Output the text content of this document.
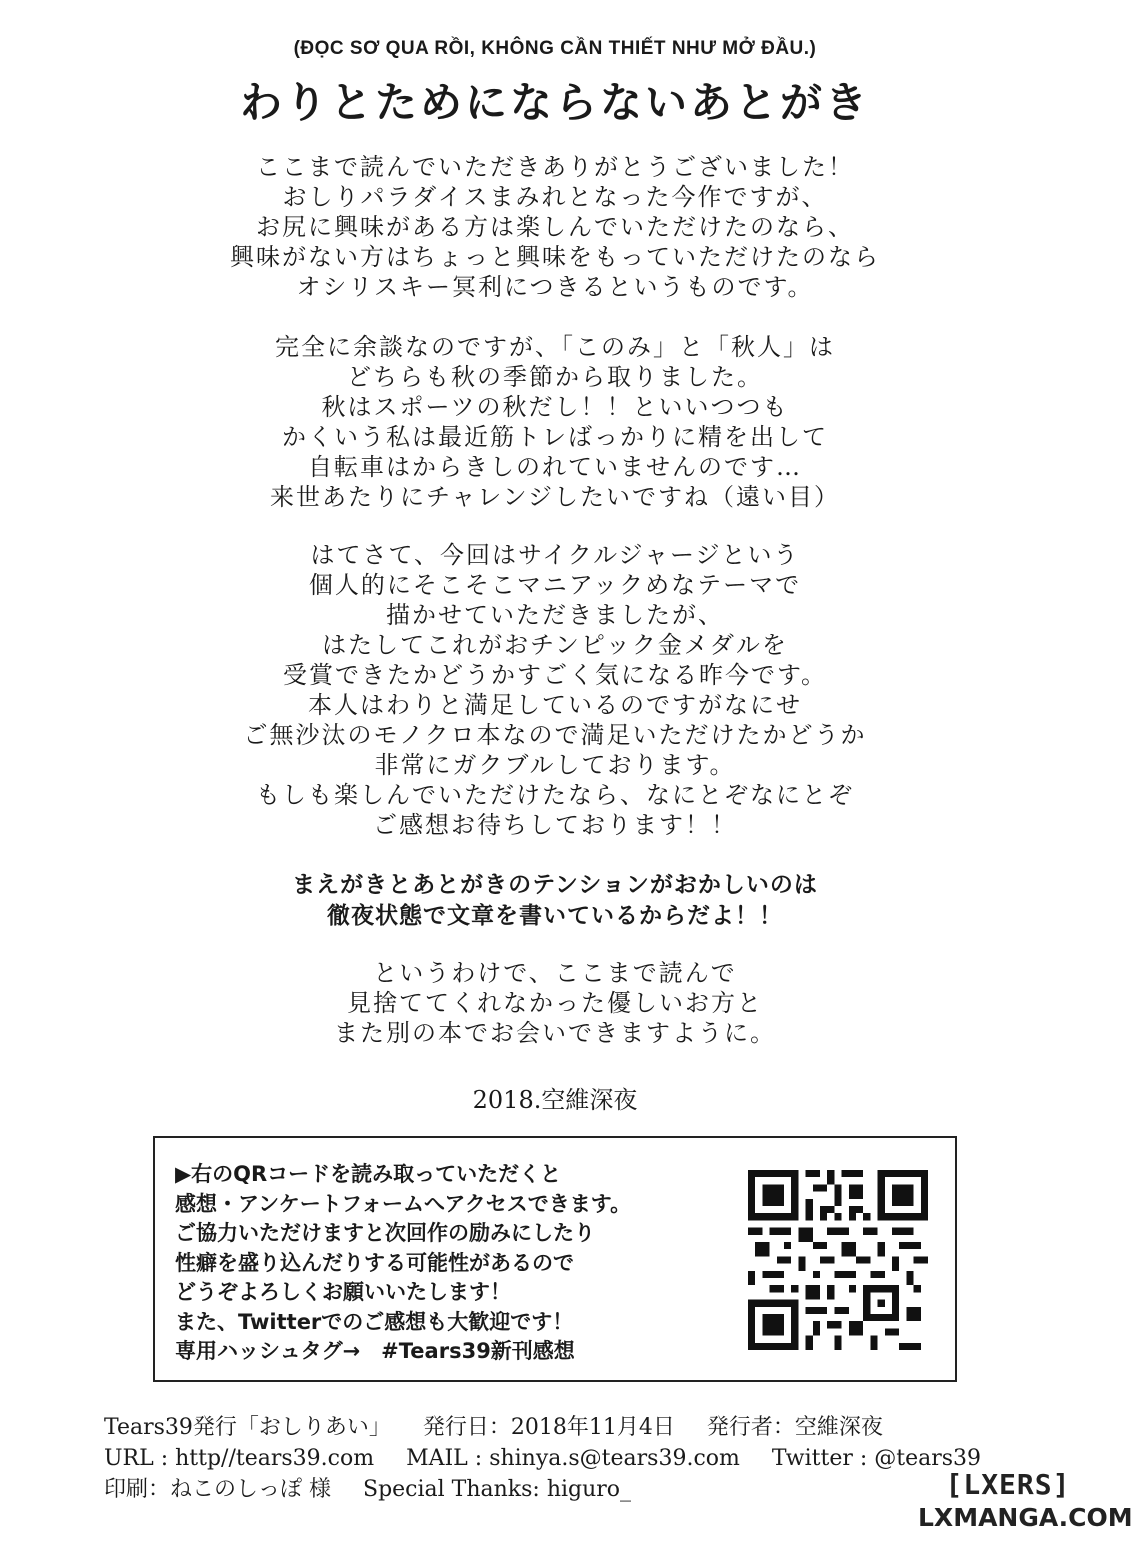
(ĐỌC SƠ QUA RỒI, KHÔNG CẦN THIẾT NHƯ MỞ ĐẦU.)
わりとためにならないあとがき
ここまで読んでいただきありがとうございました！
おしりパラダイスまみれとなった今作ですが、
お尻に興味がある方は楽しんでいただけたのなら、
興味がない方はちょっと興味をもっていただけたのなら
オシリスキー冥利につきるというものです。
完全に余談なのですが、「このみ」と「秋人」は
どちらも秋の季節から取りました。
秋はスポーツの秋だし！！といいつつも
かくいう私は最近筋トレばっかりに精を出して
自転車はからきしのれていませんのです…
来世あたりにチャレンジしたいですね（遠い目）
はてさて、今回はサイクルジャージという
個人的にそこそこマニアックめなテーマで
描かせていただきましたが、
はたしてこれがおチンピック金メダルを
受賞できたかどうかすごく気になる昨今です。
本人はわりと満足しているのですがなにせ
ご無沙汰のモノクロ本なので満足いただけたかどうか
非常にガクブルしております。
もしも楽しんでいただけたなら、なにとぞなにとぞ
ご感想お待ちしております！！
まえがきとあとがきのテンションがおかしいのは
徹夜状態で文章を書いているからだよ！！
というわけで、ここまで読んで
見捨ててくれなかった優しいお方と
また別の本でお会いできますように。
2018.空維深夜
▶右のQRコードを読み取っていただくと
感想・アンケートフォームへアクセスできます。
ご協力いただけますと次回作の励みにしたり
性癖を盛り込んだりする可能性があるので
どうぞよろしくお願いいたします！
また、Twitterでのご感想も大歓迎です！
専用ハッシュタグ→　#Tears39新刊感想
Tears39発行「おしりあい」 発行日：2018年11月4日 発行者：空維深夜
URL : http//tears39.com MAIL : shinya.s@tears39.com Twitter : @tears39
印刷：ねこのしっぽ 様 Special Thanks: higuro_	[LXERS]
LXMANGA.COM
